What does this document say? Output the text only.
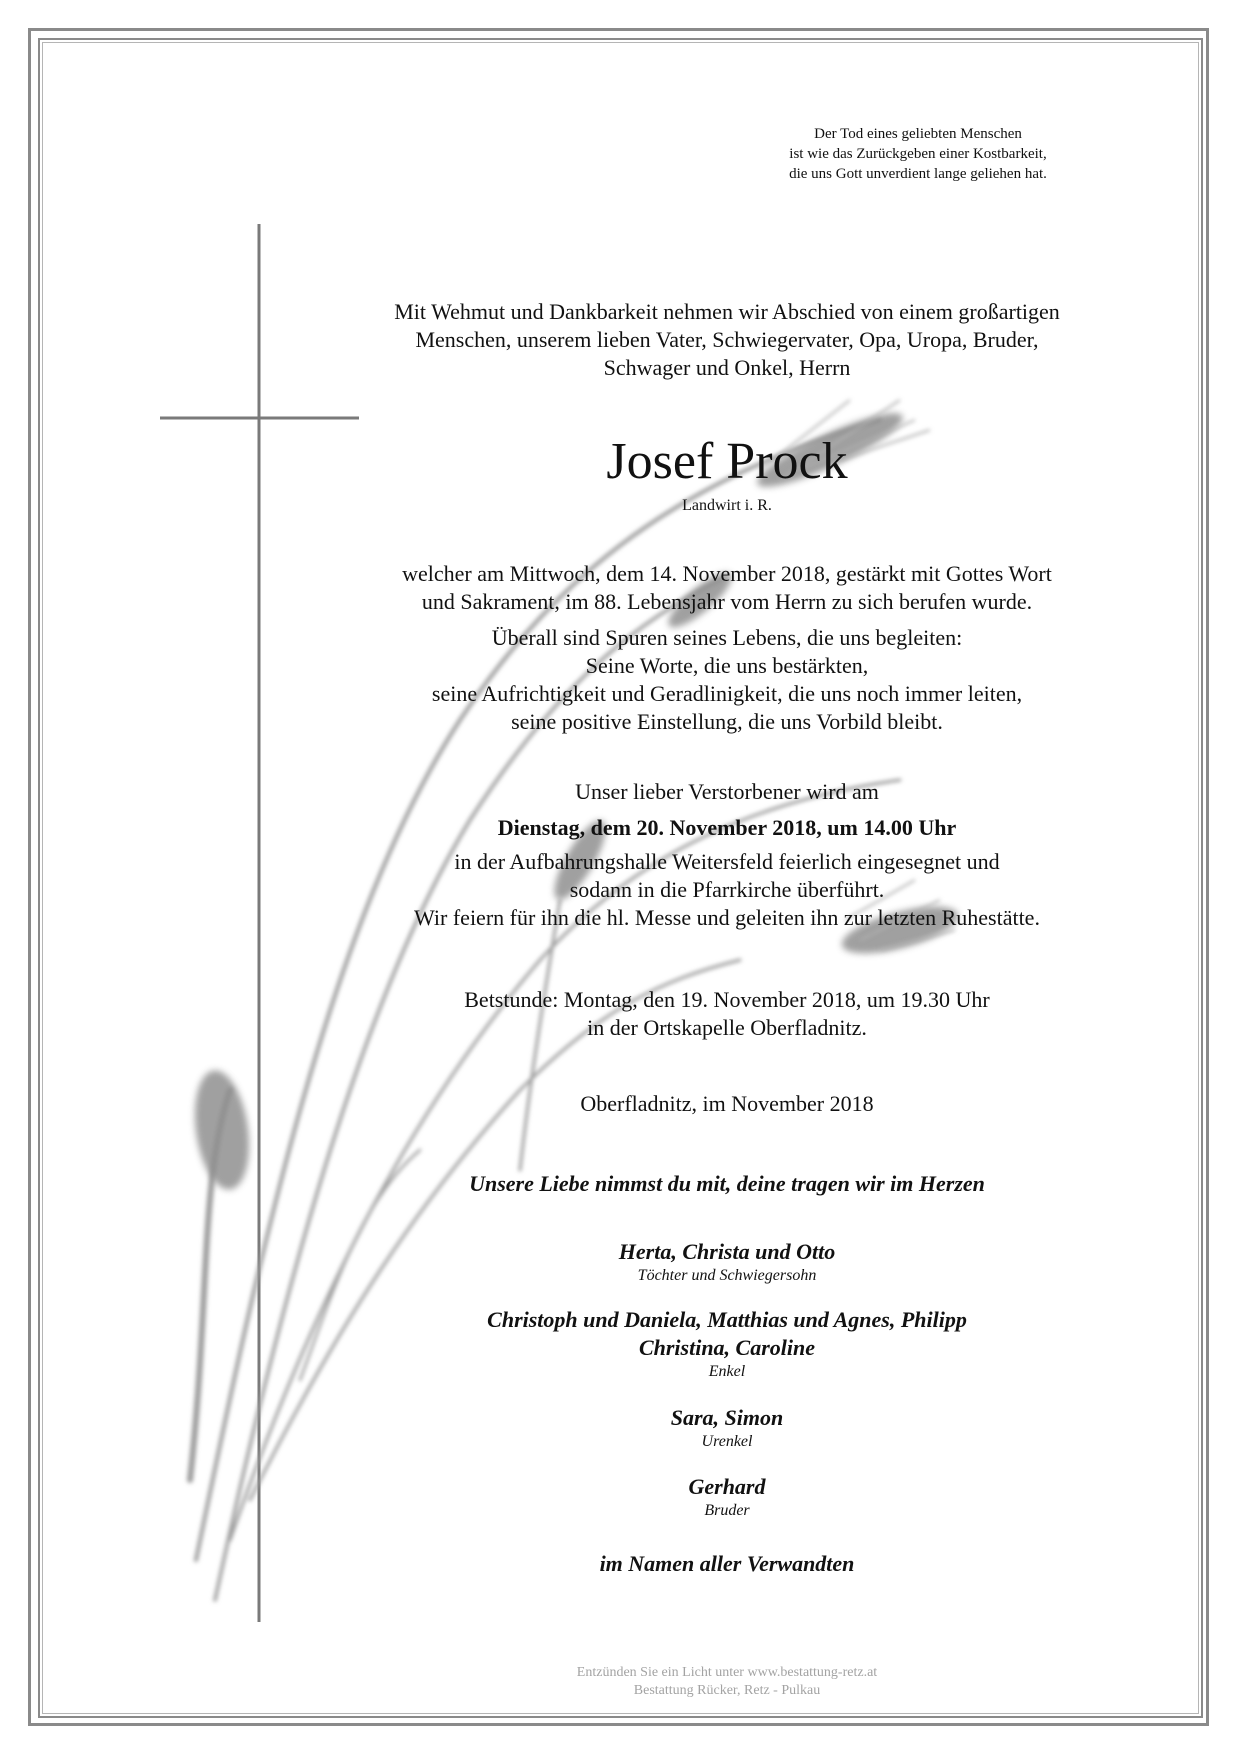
Der Tod eines geliebten Menschen
ist wie das Zurückgeben einer Kostbarkeit,
die uns Gott unverdient lange geliehen hat.
Mit Wehmut und Dankbarkeit nehmen wir Abschied von einem großartigen
Menschen, unserem lieben Vater, Schwiegervater, Opa, Uropa, Bruder,
Schwager und Onkel, Herrn
Josef Prock
Landwirt i. R.
welcher am Mittwoch, dem 14. November 2018, gestärkt mit Gottes Wort
und Sakrament, im 88. Lebensjahr vom Herrn zu sich berufen wurde.
Überall sind Spuren seines Lebens, die uns begleiten:
Seine Worte, die uns bestärkten,
seine Aufrichtigkeit und Geradlinigkeit, die uns noch immer leiten,
seine positive Einstellung, die uns Vorbild bleibt.
Unser lieber Verstorbener wird am
Dienstag, dem 20. November 2018, um 14.00 Uhr
in der Aufbahrungshalle Weitersfeld feierlich eingesegnet und
sodann in die Pfarrkirche überführt.
Wir feiern für ihn die hl. Messe und geleiten ihn zur letzten Ruhestätte.
Betstunde: Montag, den 19. November 2018, um 19.30 Uhr
in der Ortskapelle Oberfladnitz.
Oberfladnitz, im November 2018
Unsere Liebe nimmst du mit, deine tragen wir im Herzen
Herta, Christa und Otto
Töchter und Schwiegersohn
Christoph und Daniela, Matthias und Agnes, Philipp
Christina, Caroline
Enkel
Sara, Simon
Urenkel
Gerhard
Bruder
im Namen aller Verwandten
Entzünden Sie ein Licht unter www.bestattung-retz.at
Bestattung Rücker, Retz - Pulkau
